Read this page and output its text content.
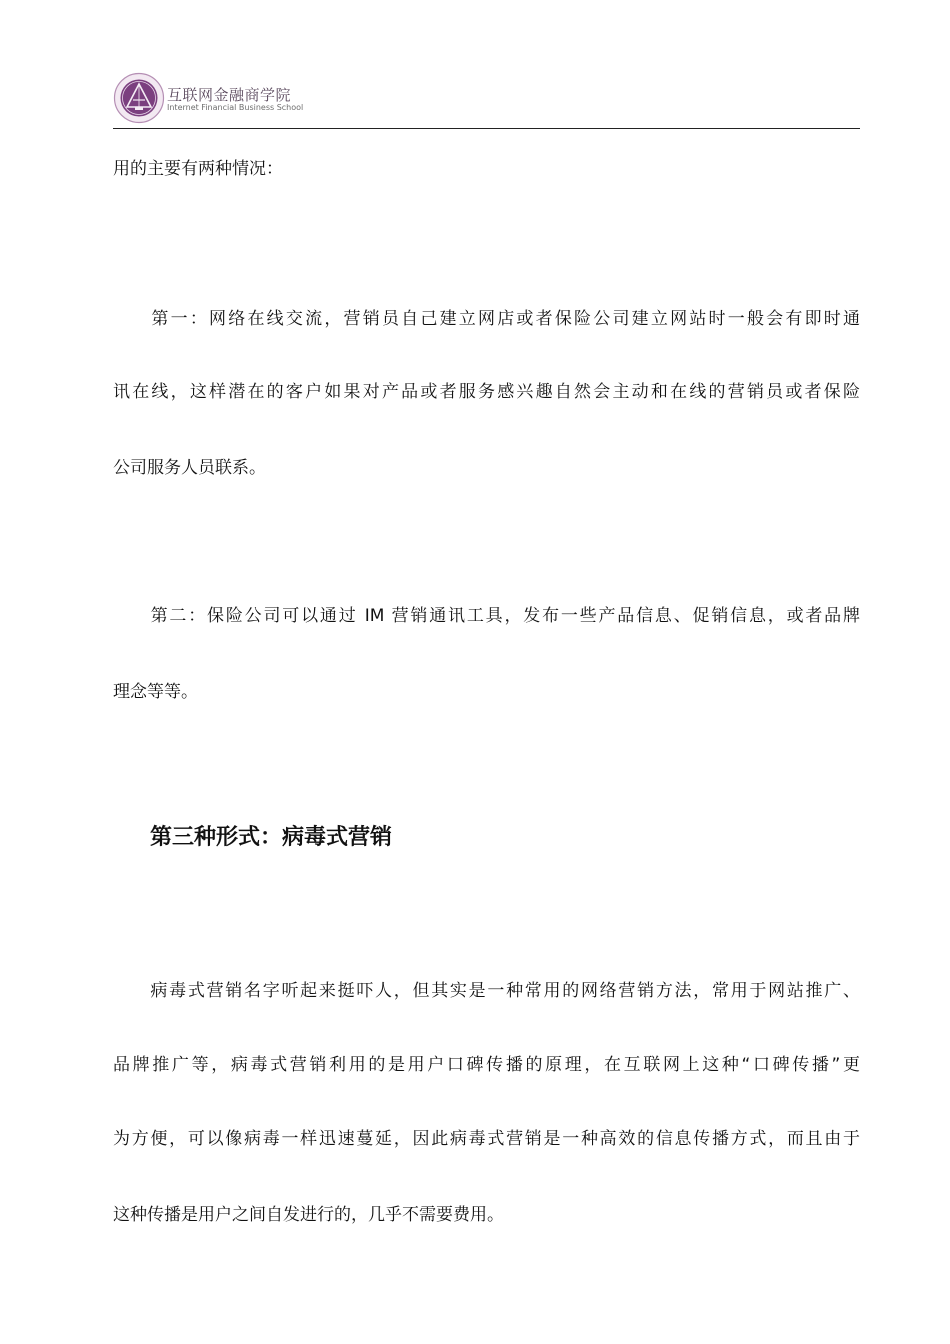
互联网金融商学院
Internet Financial Business School
用的主要有两种情况：
　　第一：网络在线交流，营销员自己建立网店或者保险公司建立网站时一般会有即时通
讯在线，这样潜在的客户如果对产品或者服务感兴趣自然会主动和在线的营销员或者保险
公司服务人员联系。
　　第二：保险公司可以通过 IM 营销通讯工具，发布一些产品信息、促销信息，或者品牌
理念等等。
第三种形式：病毒式营销
　　病毒式营销名字听起来挺吓人，但其实是一种常用的网络营销方法，常用于网站推广、
品牌推广等，病毒式营销利用的是用户口碑传播的原理，在互联网上这种“口碑传播”更
为方便，可以像病毒一样迅速蔓延，因此病毒式营销是一种高效的信息传播方式，而且由于
这种传播是用户之间自发进行的，几乎不需要费用。
